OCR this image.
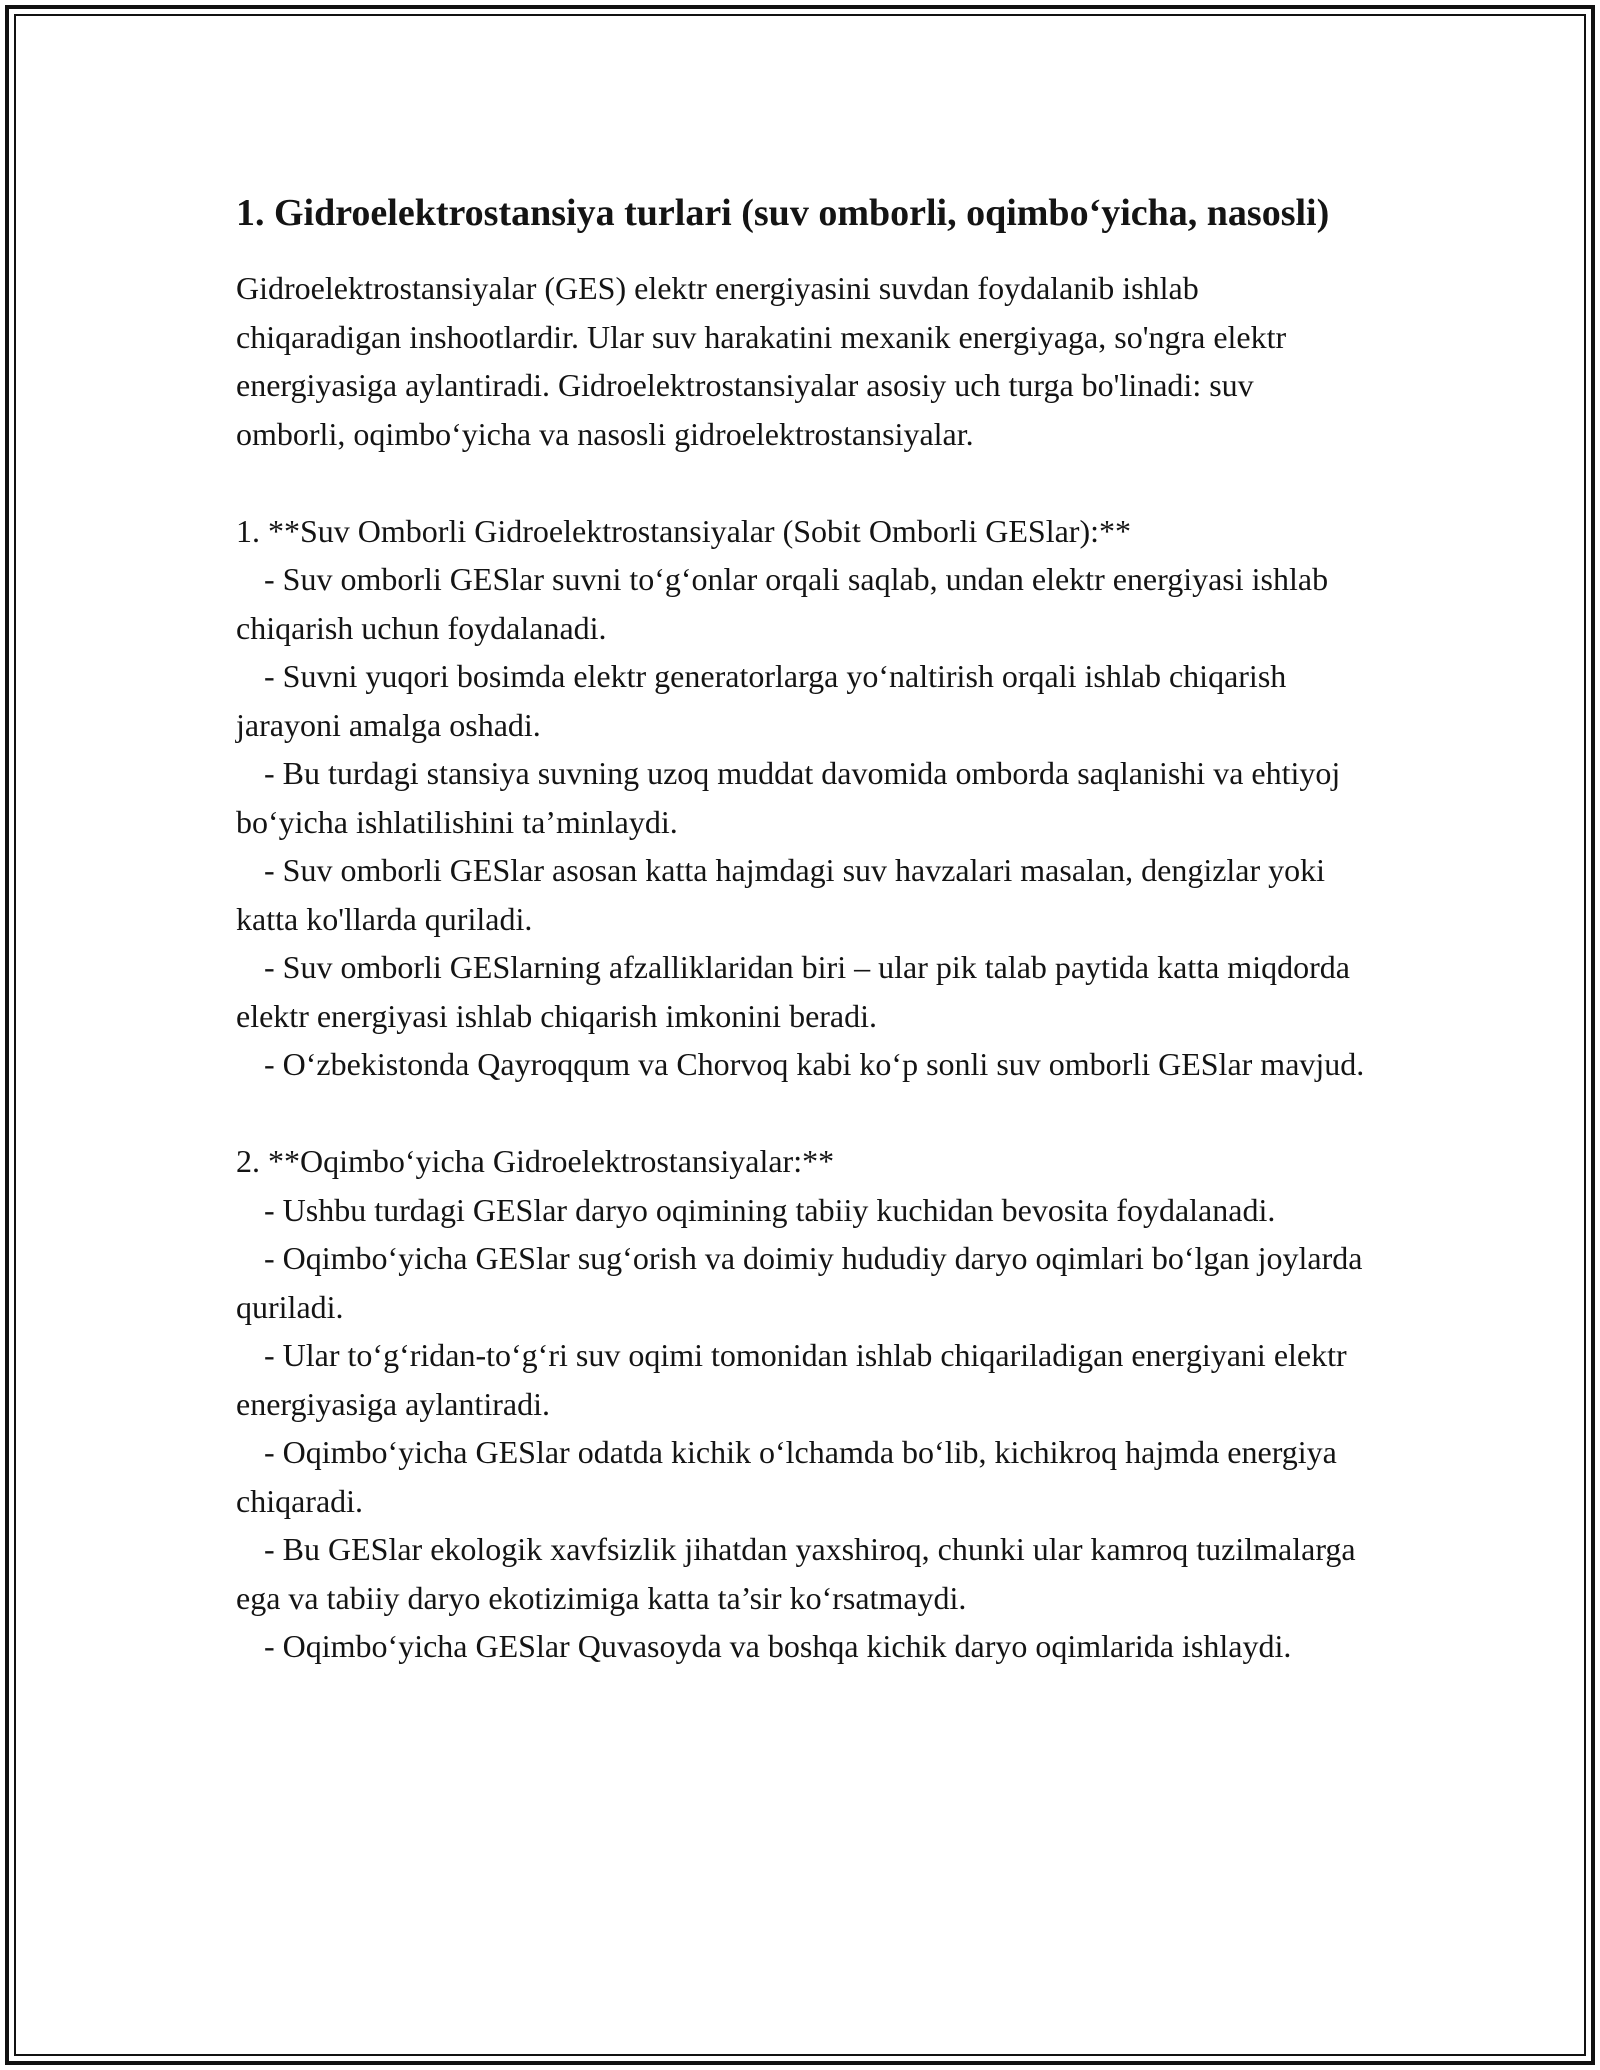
1. Gidroelektrostansiya turlari (suv omborli, oqimbo‘yicha, nasosli)

Gidroelektrostansiyalar (GES) elektr energiyasini suvdan foydalanib ishlab chiqaradigan inshootlardir. Ular suv harakatini mexanik energiyaga, so'ngra elektr energiyasiga aylantiradi. Gidroelektrostansiyalar asosiy uch turga bo'linadi: suv omborli, oqimbo‘yicha va nasosli gidroelektrostansiyalar.

1. **Suv Omborli Gidroelektrostansiyalar (Sobit Omborli GESlar):**

- Suv omborli GESlar suvni to‘g‘onlar orqali saqlab, undan elektr energiyasi ishlab chiqarish uchun foydalanadi.

- Suvni yuqori bosimda elektr generatorlarga yo‘naltirish orqali ishlab chiqarish jarayoni amalga oshadi.

- Bu turdagi stansiya suvning uzoq muddat davomida omborda saqlanishi va ehtiyoj bo‘yicha ishlatilishini ta’minlaydi.

- Suv omborli GESlar asosan katta hajmdagi suv havzalari masalan, dengizlar yoki katta ko'llarda quriladi.

- Suv omborli GESlarning afzalliklaridan biri – ular pik talab paytida katta miqdorda elektr energiyasi ishlab chiqarish imkonini beradi.

- O‘zbekistonda Qayroqqum va Chorvoq kabi ko‘p sonli suv omborli GESlar mavjud.

2. **Oqimbo‘yicha Gidroelektrostansiyalar:**

- Ushbu turdagi GESlar daryo oqimining tabiiy kuchidan bevosita foydalanadi.

- Oqimbo‘yicha GESlar sug‘orish va doimiy hududiy daryo oqimlari bo‘lgan joylarda quriladi.

- Ular to‘g‘ridan-to‘g‘ri suv oqimi tomonidan ishlab chiqariladigan energiyani elektr energiyasiga aylantiradi.

- Oqimbo‘yicha GESlar odatda kichik o‘lchamda bo‘lib, kichikroq hajmda energiya chiqaradi.

- Bu GESlar ekologik xavfsizlik jihatdan yaxshiroq, chunki ular kamroq tuzilmalarga ega va tabiiy daryo ekotizimiga katta ta’sir ko‘rsatmaydi.

- Oqimbo‘yicha GESlar Quvasoyda va boshqa kichik daryo oqimlarida ishlaydi.
